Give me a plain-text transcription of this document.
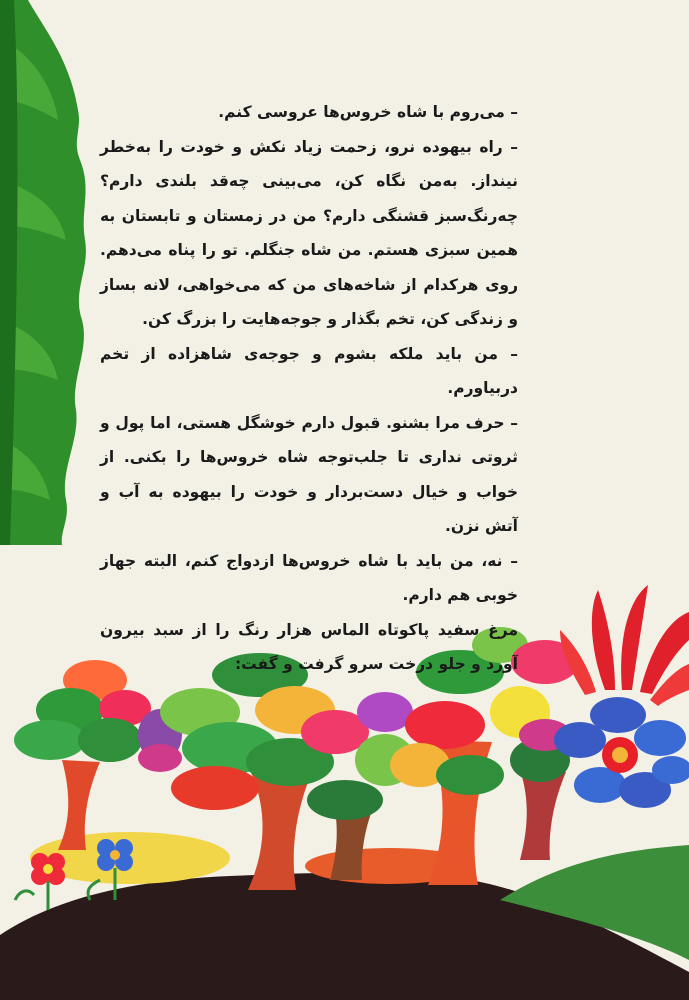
– می‌روم با شاه خروس‌ها عروسی کنم.

– راه بیهوده نرو، زحمت زیاد نکش و خودت را به‌خطر نینداز. به‌من نگاه کن، می‌بینی چه‌قد بلندی دارم؟ چه‌رنگ‌سبز قشنگی دارم؟ من در زمستان و تابستان به همین سبزی هستم. من شاه جنگلم. تو را پناه می‌دهم. روی هرکدام از شاخه‌های من که می‌خواهی، لانه بساز و زندگی کن، تخم بگذار و جوجه‌هایت را بزرگ کن.

– من باید ملکه بشوم و جوجه‌ی شاهزاده از تخم دربیاورم.

– حرف مرا بشنو. قبول دارم خوشگل هستی، اما پول و ثروتی نداری تا جلب‌توجه شاه خروس‌ها را بکنی. از خواب و خیال دست‌بردار و خودت را بیهوده به آب و آتش نزن.

– نه، من باید با شاه خروس‌ها ازدواج کنم، البته جهاز خوبی هم دارم.

مرغ سفید پاکوتاه الماس هزار رنگ را از سبد بیرون آورد و جلو درخت سرو گرفت و گفت:
